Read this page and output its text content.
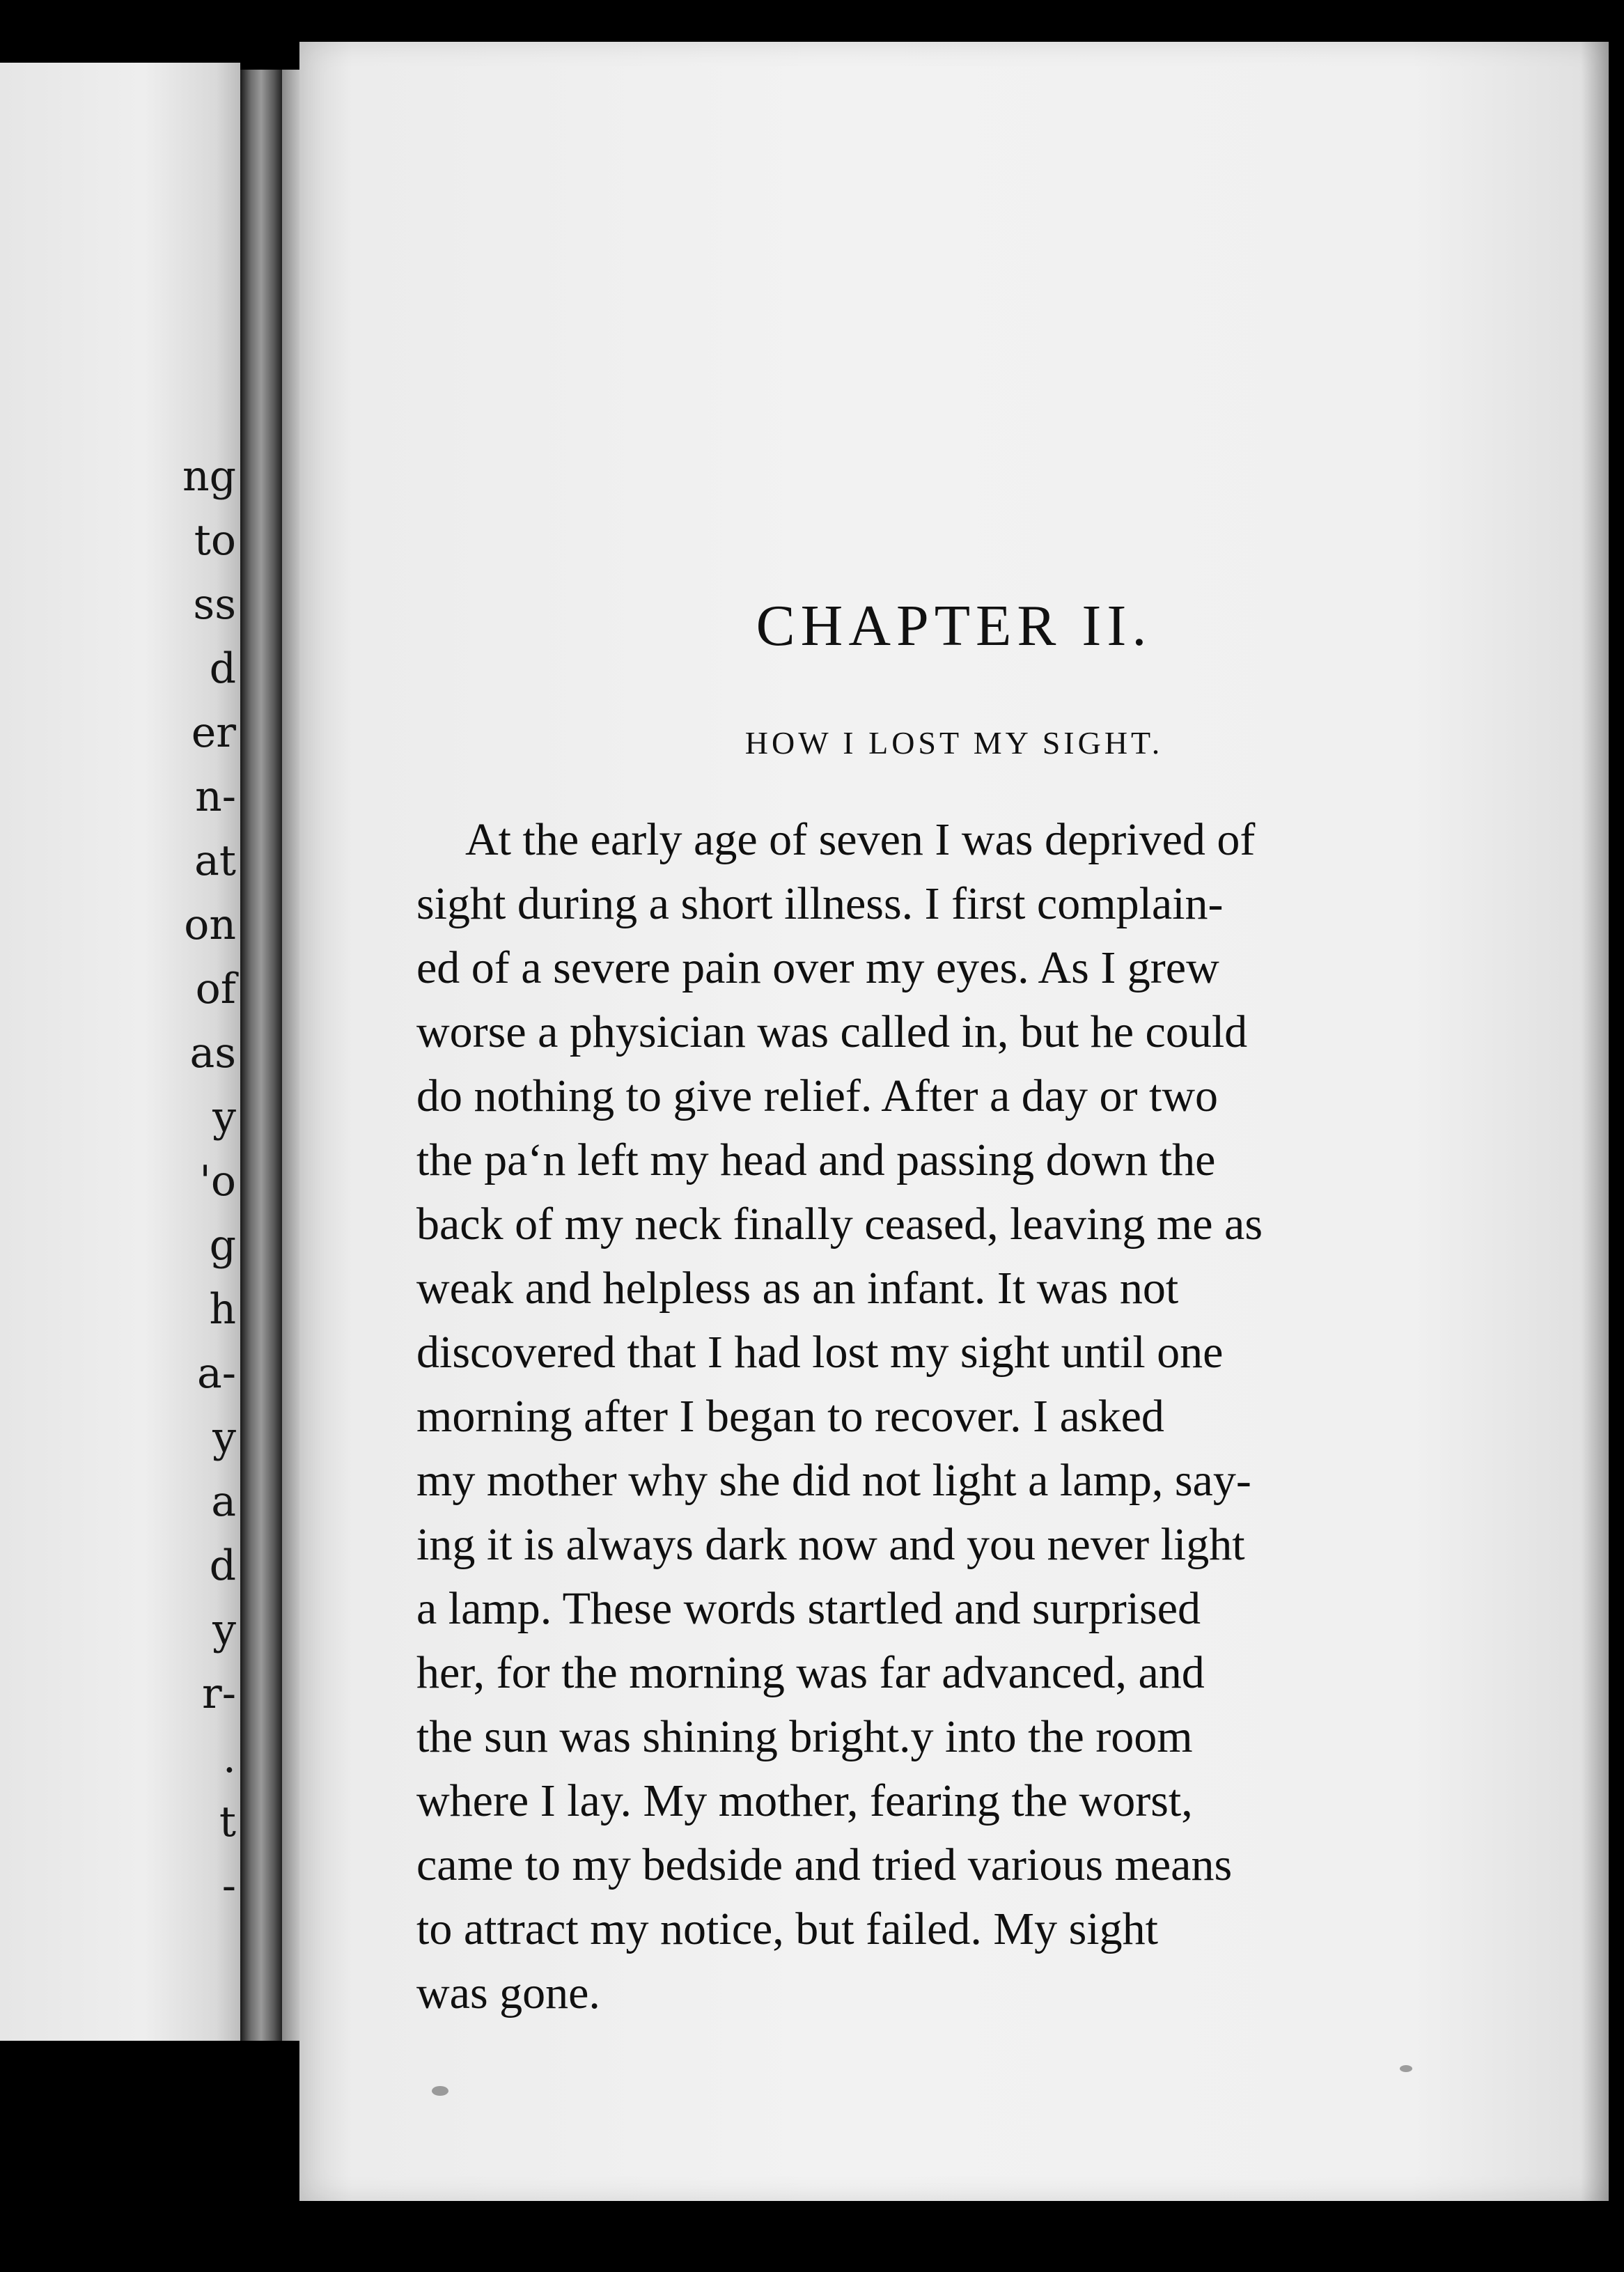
ng
to
ss
d
er
n-
at
on
of
as
y
'o
g
h
a-
y
a
d
y
r-
.
t
-
CHAPTER II.
HOW I LOST MY SIGHT.
At the early age of seven I was deprived of
sight during a short illness. I first complain-
ed of a severe pain over my eyes. As I grew
worse a physician was called in, but he could
do nothing to give relief. After a day or two
the pa‘n left my head and passing down the
back of my neck finally ceased, leaving me as
weak and helpless as an infant. It was not
discovered that I had lost my sight until one
morning after I began to recover. I asked
my mother why she did not light a lamp, say-
ing it is always dark now and you never light
a lamp. These words startled and surprised
her, for the morning was far advanced, and
the sun was shining bright.y into the room
where I lay. My mother, fearing the worst,
came to my bedside and tried various means
to attract my notice, but failed. My sight
was gone.
